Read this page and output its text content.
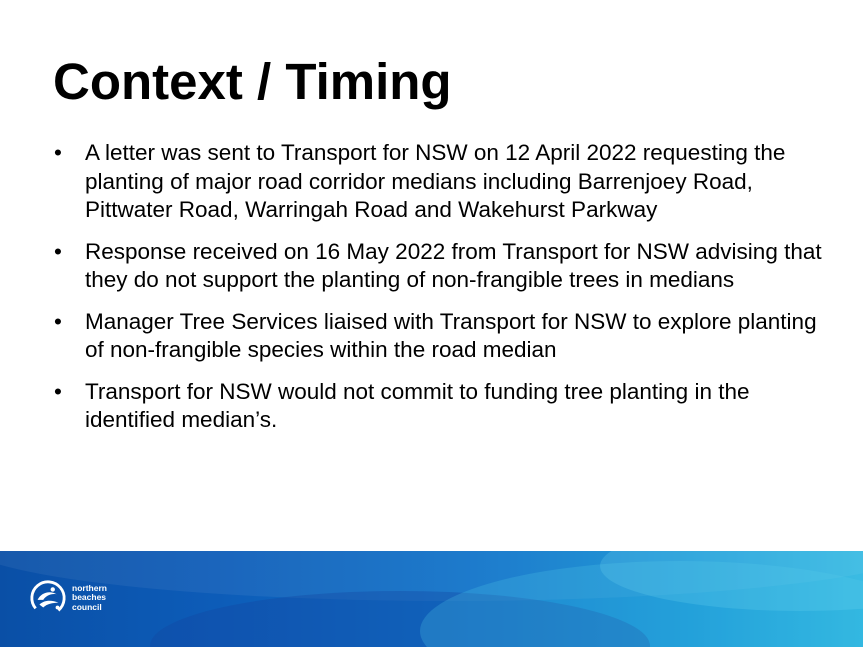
Context / Timing
• A letter was sent to Transport for NSW on 12 April 2022 requesting the planting of major road corridor medians including Barrenjoey Road, Pittwater Road, Warringah Road and Wakehurst Parkway
• Response received on 16 May 2022 from Transport for NSW advising that they do not support the planting of non-frangible trees in medians
• Manager Tree Services liaised with Transport for NSW to explore planting of non-frangible species within the road median
• Transport for NSW would not commit to funding tree planting in the identified median’s.
northern
beaches
council
